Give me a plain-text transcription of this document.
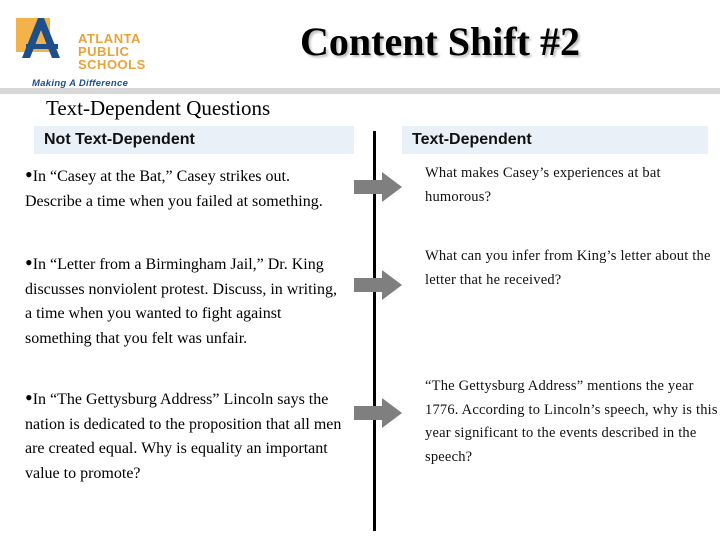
ATLANTA
PUBLIC
SCHOOLS
Making A Difference
Content Shift #2
Text-Dependent Questions
Not Text-Dependent	Text-Dependent
•In “Casey at the Bat,” Casey strikes out. Describe a time when you failed at something.
What makes Casey’s experiences at bat humorous?
•In “Letter from a Birmingham Jail,” Dr. King discusses nonviolent protest. Discuss, in writing, a time when you wanted to fight against something that you felt was unfair.
What can you infer from King’s letter about the letter that he received?
•In “The Gettysburg Address” Lincoln says the nation is dedicated to the proposition that all men are created equal. Why is equality an important value to promote?
“The Gettysburg Address” mentions the year 1776. According to Lincoln’s speech, why is this year significant to the events described in the speech?
